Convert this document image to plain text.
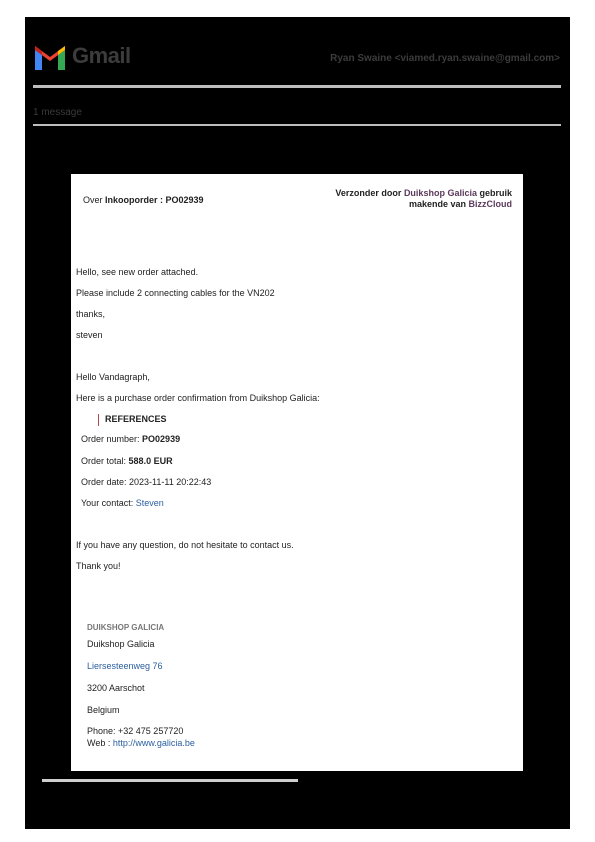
Gmail	Ryan Swaine <viamed.ryan.swaine@gmail.com>
1 message
Over Inkooporder : PO02939
Verzonder door Duikshop Galicia gebruik
makende van BizzCloud
Hello, see new order attached.
Please include 2 connecting cables for the VN202
thanks,
steven
Hello Vandagraph,
Here is a purchase order confirmation from Duikshop Galicia:
REFERENCES
Order number: PO02939
Order total: 588.0 EUR
Order date: 2023-11-11 20:22:43
Your contact: Steven
If you have any question, do not hesitate to contact us.
Thank you!
DUIKSHOP GALICIA
Duikshop Galicia
Liersesteenweg 76
3200 Aarschot
Belgium
Phone: +32 475 257720
Web : http://www.galicia.be
